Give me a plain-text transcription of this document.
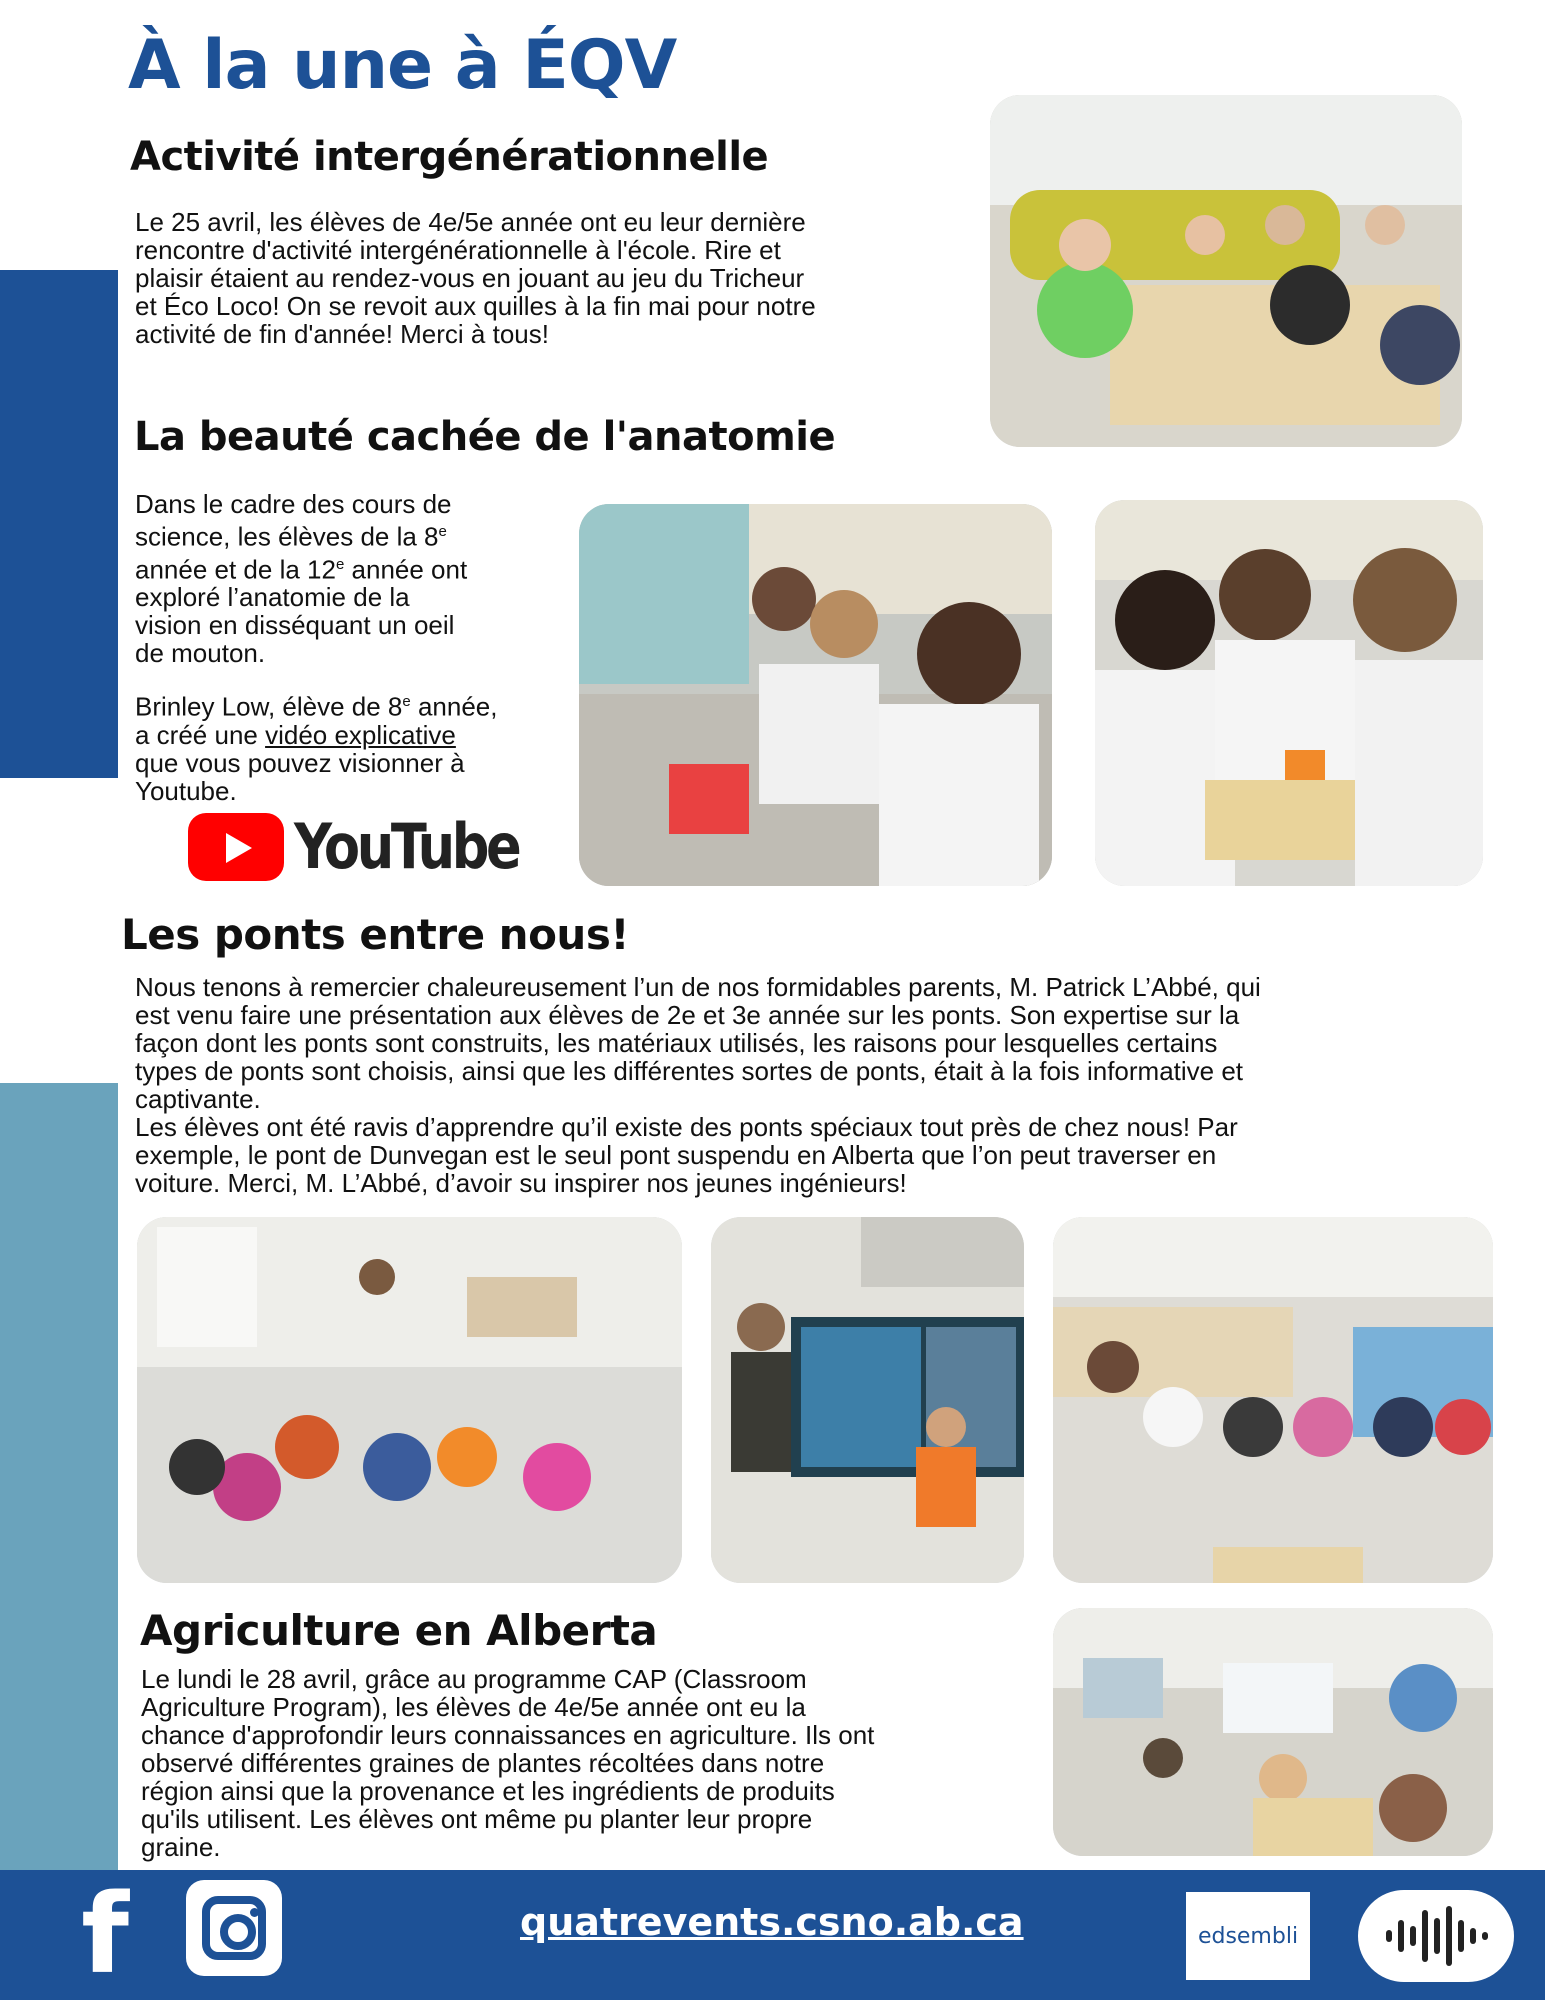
À la une à ÉQV
Activité intergénérationnelle

Le 25 avril, les élèves de 4e/5e année ont eu leur dernière

rencontre d'activité intergénérationnelle à l'école. Rire et

plaisir étaient au rendez-vous en jouant au jeu du Tricheur

et Éco Loco! On se revoit aux quilles à la fin mai pour notre

activité de fin d'année! Merci à tous!

La beauté cachée de l'anatomie

Dans le cadre des cours de

science, les élèves de la 8e

année et de la 12e année ont

exploré l’anatomie de la

vision en disséquant un oeil

de mouton.

Brinley Low, élève de 8e année,

a créé une vidéo explicative

que vous pouvez visionner à

Youtube.

YouTube
Les ponts entre nous!

Nous tenons à remercier chaleureusement l’un de nos formidables parents, M. Patrick L’Abbé, qui

est venu faire une présentation aux élèves de 2e et 3e année sur les ponts. Son expertise sur la

façon dont les ponts sont construits, les matériaux utilisés, les raisons pour lesquelles certains

types de ponts sont choisis, ainsi que les différentes sortes de ponts, était à la fois informative et

captivante.

Les élèves ont été ravis d’apprendre qu’il existe des ponts spéciaux tout près de chez nous! Par

exemple, le pont de Dunvegan est le seul pont suspendu en Alberta que l’on peut traverser en

voiture. Merci, M. L’Abbé, d’avoir su inspirer nos jeunes ingénieurs!

Agriculture en Alberta

Le lundi le 28 avril, grâce au programme CAP (Classroom

Agriculture Program), les élèves de 4e/5e année ont eu la

chance d'approfondir leurs connaissances en agriculture. Ils ont

observé différentes graines de plantes récoltées dans notre

région ainsi que la provenance et les ingrédients de produits

qu'ils utilisent. Les élèves ont même pu planter leur propre

graine.

f	quatrevents.csno.ab.ca	edsembli
